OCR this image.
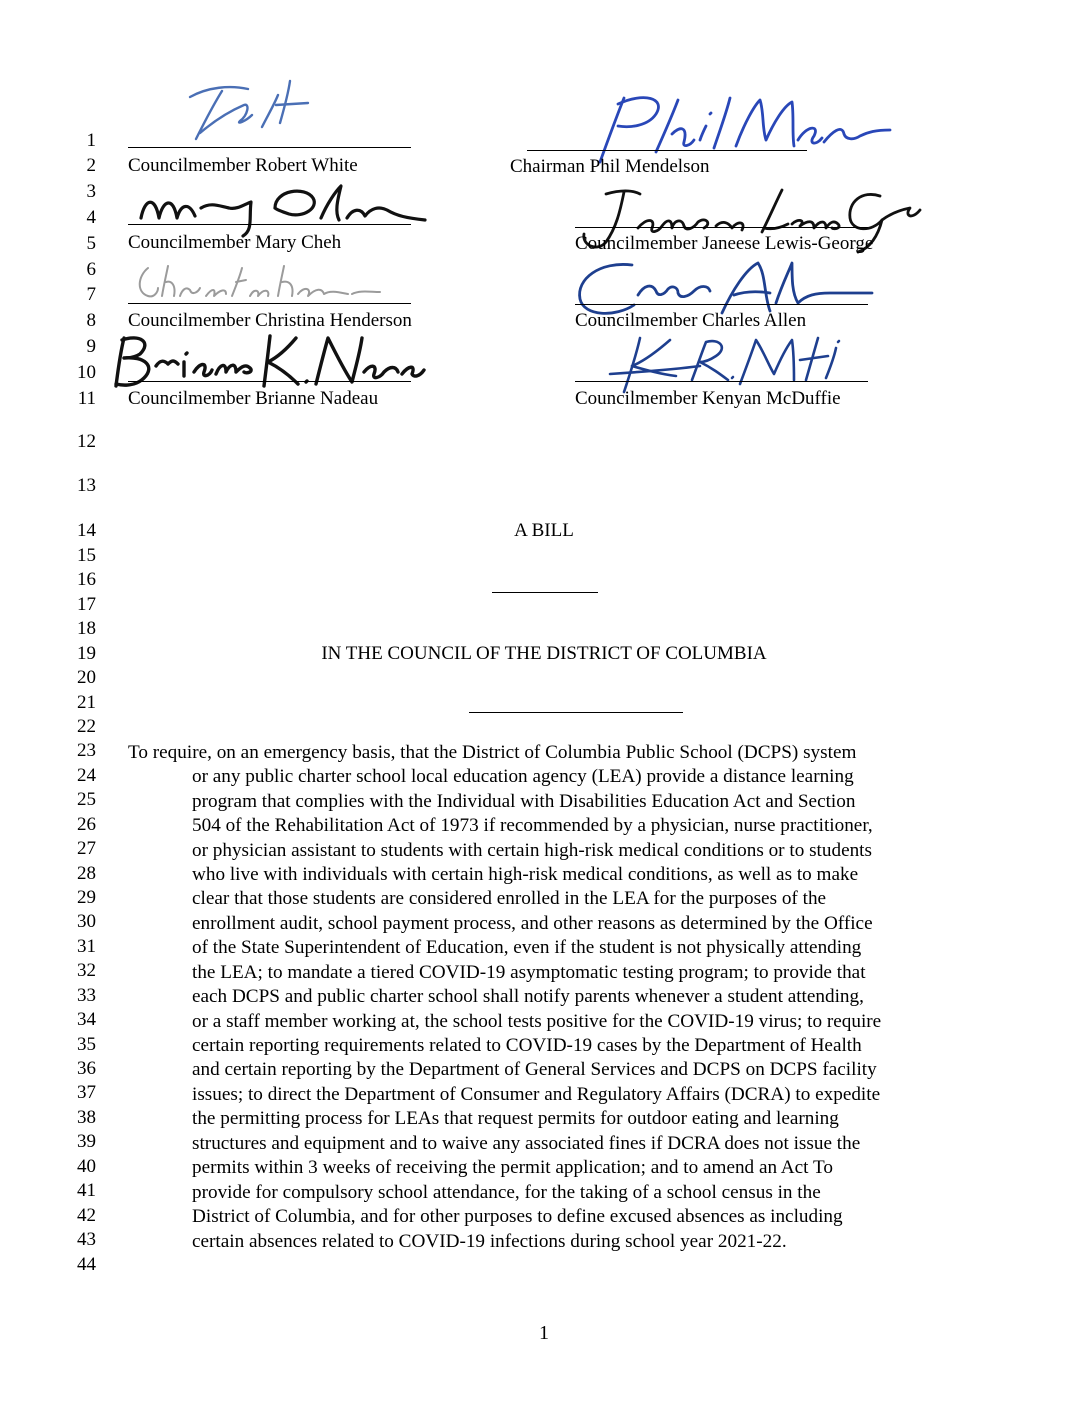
1
2
3
4
5
6
7
8
9
10
11
12
13
14
15
16
17
18
19
20
21
22
23
24
25
26
27
28
29
30
31
32
33
34
35
36
37
38
39
40
41
42
43
44
Councilmember Robert White	Chairman Phil Mendelson
Councilmember Mary Cheh	Councilmember Janeese Lewis-George
Councilmember Christina Henderson	Councilmember Charles Allen
Councilmember Brianne Nadeau	Councilmember Kenyan McDuffie
A BILL
IN THE COUNCIL OF THE DISTRICT OF COLUMBIA
To require, on an emergency basis, that the District of Columbia Public School (DCPS) system
or any public charter school local education agency (LEA) provide a distance learning
program that complies with the Individual with Disabilities Education Act and Section
504 of the Rehabilitation Act of 1973 if recommended by a physician, nurse practitioner,
or physician assistant to students with certain high-risk medical conditions or to students
who live with individuals with certain high-risk medical conditions, as well as to make
clear that those students are considered enrolled in the LEA for the purposes of the
enrollment audit, school payment process, and other reasons as determined by the Office
of the State Superintendent of Education, even if the student is not physically attending
the LEA; to mandate a tiered COVID-19 asymptomatic testing program; to provide that
each DCPS and public charter school shall notify parents whenever a student attending,
or a staff member working at, the school tests positive for the COVID-19 virus; to require
certain reporting requirements related to COVID-19 cases by the Department of Health
and certain reporting by the Department of General Services and DCPS on DCPS facility
issues; to direct the Department of Consumer and Regulatory Affairs (DCRA) to expedite
the permitting process for LEAs that request permits for outdoor eating and learning
structures and equipment and to waive any associated fines if DCRA does not issue the
permits within 3 weeks of receiving the permit application; and to amend an Act To
provide for compulsory school attendance, for the taking of a school census in the
District of Columbia, and for other purposes to define excused absences as including
certain absences related to COVID-19 infections during school year 2021-22.
1
